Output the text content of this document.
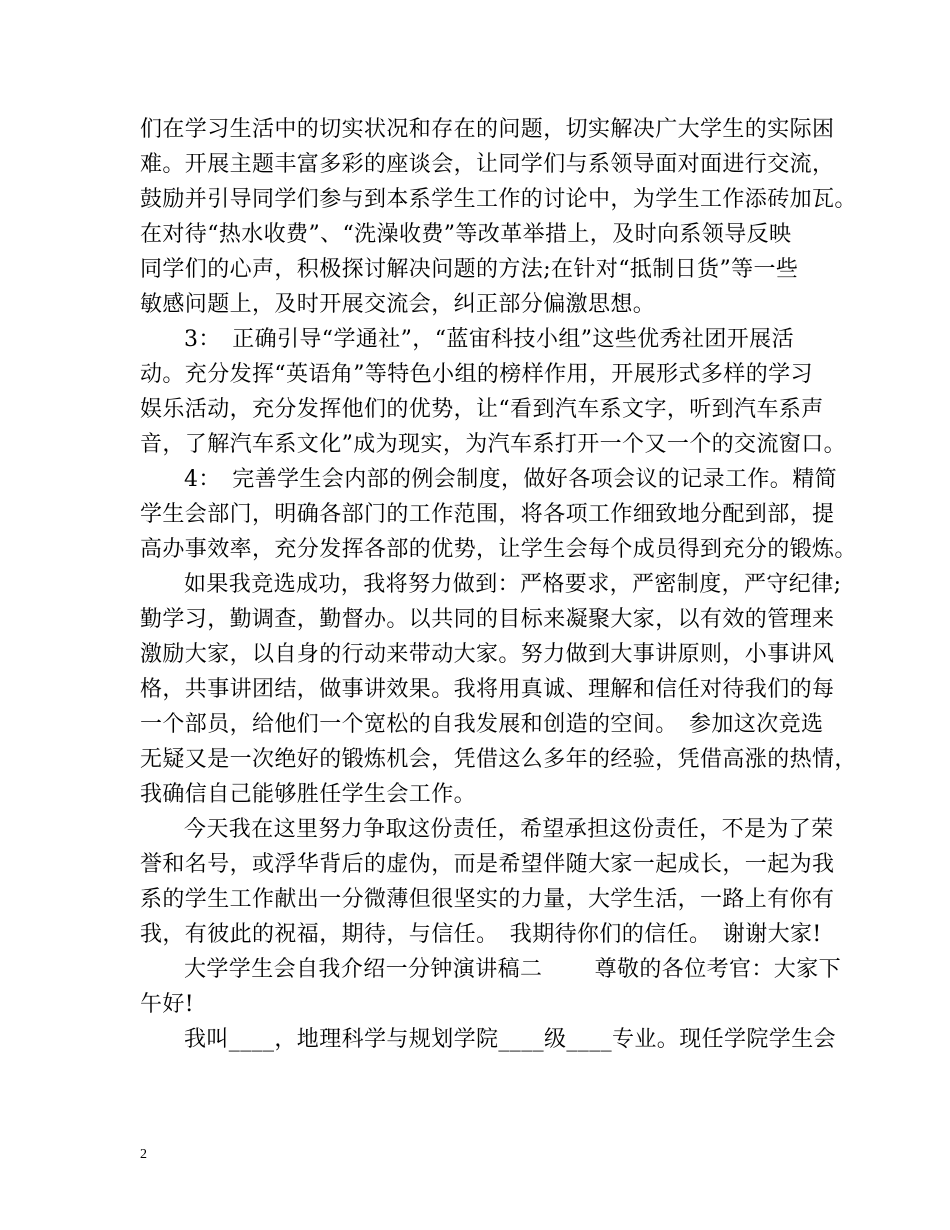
们在学习生活中的切实状况和存在的问题，切实解决广大学生的实际困
难。开展主题丰富多彩的座谈会，让同学们与系领导面对面进行交流，
鼓励并引导同学们参与到本系学生工作的讨论中，为学生工作添砖加瓦。
在对待“热水收费”、“洗澡收费”等改革举措上，及时向系领导反映
同学们的心声，积极探讨解决问题的方法;在针对“抵制日货”等一些
敏感问题上，及时开展交流会，纠正部分偏激思想。
3：　正确引导“学通社”，“蓝宙科技小组”这些优秀社团开展活
动。充分发挥“英语角”等特色小组的榜样作用，开展形式多样的学习
娱乐活动，充分发挥他们的优势，让“看到汽车系文字，听到汽车系声
音，了解汽车系文化”成为现实，为汽车系打开一个又一个的交流窗口。
4：　完善学生会内部的例会制度，做好各项会议的记录工作。精简
学生会部门，明确各部门的工作范围，将各项工作细致地分配到部，提
高办事效率，充分发挥各部的优势，让学生会每个成员得到充分的锻炼。
如果我竞选成功，我将努力做到：严格要求，严密制度，严守纪律;
勤学习，勤调查，勤督办。以共同的目标来凝聚大家，以有效的管理来
激励大家，以自身的行动来带动大家。努力做到大事讲原则，小事讲风
格，共事讲团结，做事讲效果。我将用真诚、理解和信任对待我们的每
一个部员，给他们一个宽松的自我发展和创造的空间。　参加这次竞选
无疑又是一次绝好的锻炼机会，凭借这么多年的经验，凭借高涨的热情，
我确信自己能够胜任学生会工作。
今天我在这里努力争取这份责任，希望承担这份责任，不是为了荣
誉和名号，或浮华背后的虚伪，而是希望伴随大家一起成长，一起为我
系的学生工作献出一分微薄但很坚实的力量，大学生活，一路上有你有
我，有彼此的祝福，期待，与信任。　我期待你们的信任。　谢谢大家!
大学学生会自我介绍一分钟演讲稿二　　 尊敬的各位考官：大家下
午好!
我叫____，地理科学与规划学院____级____专业。现任学院学生会
2
